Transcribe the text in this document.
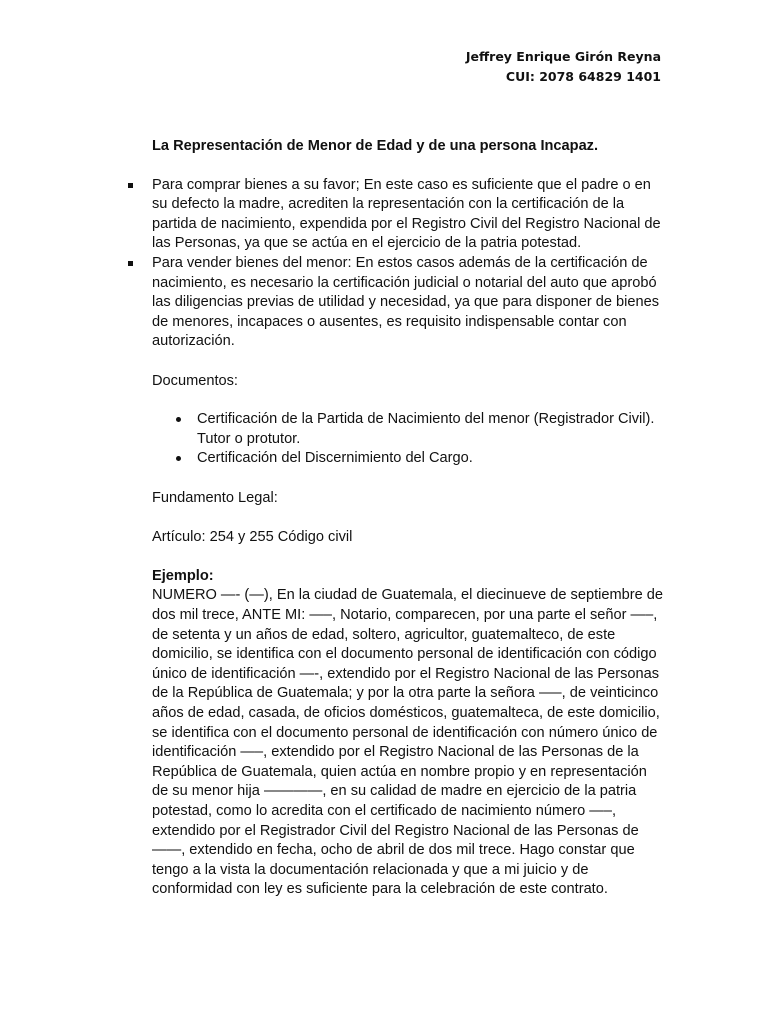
Jeffrey Enrique Girón Reyna
CUI: 2078 64829 1401
La Representación de Menor de Edad y de una persona Incapaz.
Para comprar bienes a su favor; En este caso es suficiente que el padre o en su defecto la madre, acrediten la representación con la certificación de la partida de nacimiento, expendida por el Registro Civil del Registro Nacional de las Personas, ya que se actúa en el ejercicio de la patria potestad.
Para vender bienes del menor: En estos casos además de la certificación de nacimiento, es necesario la certificación judicial o notarial del auto que aprobó las diligencias previas de utilidad y necesidad, ya que para disponer de bienes de menores, incapaces o ausentes, es requisito indispensable contar con autorización.
Documentos:
Certificación de la Partida de Nacimiento del menor (Registrador Civil). Tutor o protutor.
Certificación del Discernimiento del Cargo.
Fundamento Legal:
Artículo: 254 y 255 Código civil
Ejemplo:
NUMERO —- (—), En la ciudad de Guatemala, el diecinueve de septiembre de dos mil trece, ANTE MI: —–, Notario, comparecen, por una parte el señor —–, de setenta y un años de edad, soltero, agricultor, guatemalteco, de este domicilio, se identifica con el documento personal de identificación con código único de identificación —-, extendido por el Registro Nacional de las Personas de la República de Guatemala; y por la otra parte la señora —–, de veinticinco años de edad, casada, de oficios domésticos, guatemalteca, de este domicilio, se identifica con el documento personal de identificación con número único de identificación —–, extendido por el Registro Nacional de las Personas de la República de Guatemala, quien actúa en nombre propio y en representación de su menor hija ————, en su calidad de madre en ejercicio de la patria potestad, como lo acredita con el certificado de nacimiento número —–, extendido por el Registrador Civil del Registro Nacional de las Personas de ——, extendido en fecha, ocho de abril de dos mil trece. Hago constar que tengo a la vista la documentación relacionada y que a mi juicio y de conformidad con ley es suficiente para la celebración de este contrato.
